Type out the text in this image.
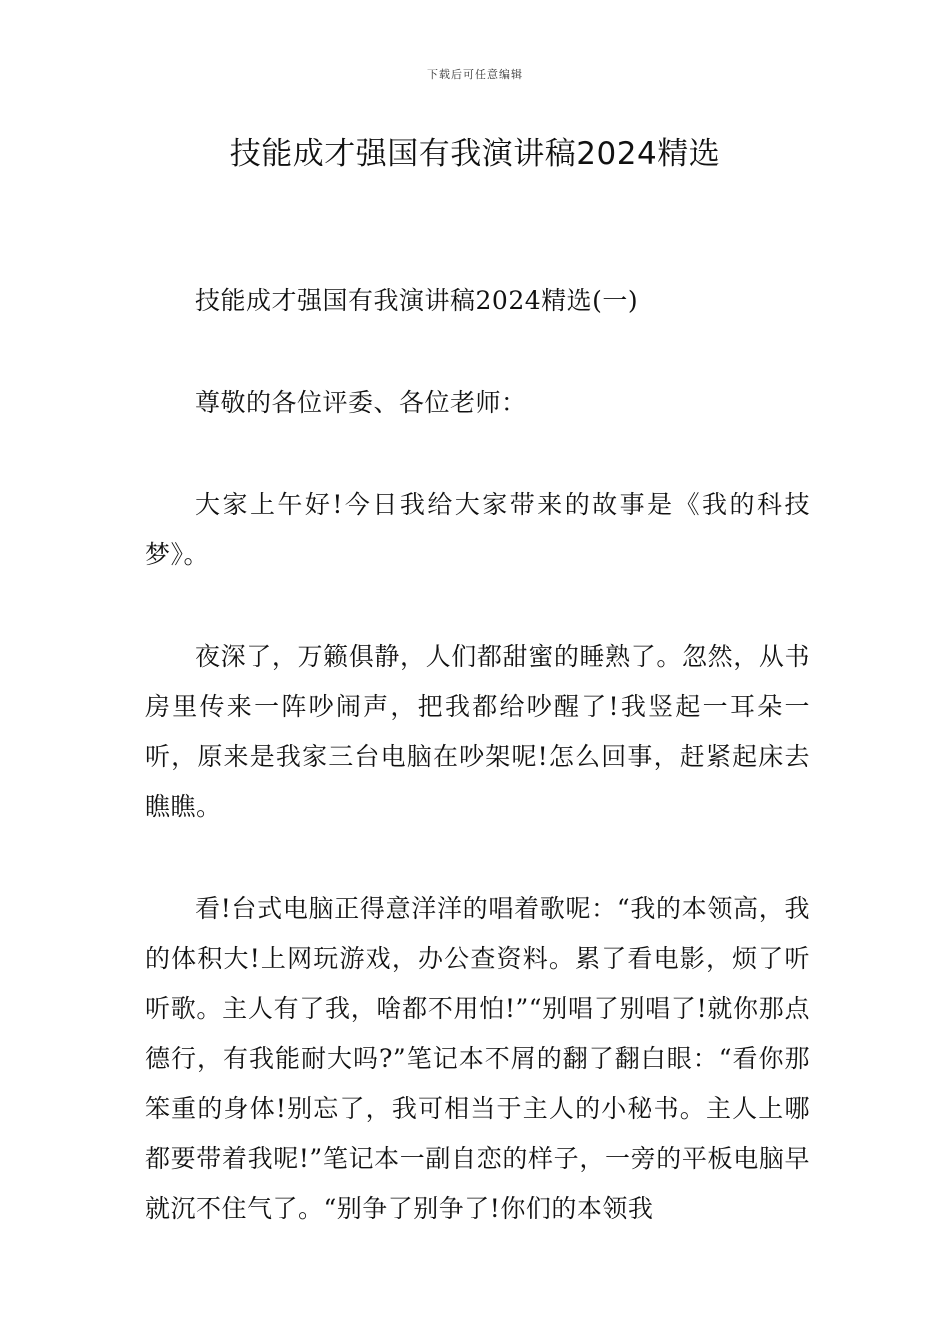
下载后可任意编辑
技能成才强国有我演讲稿2024精选

技能成才强国有我演讲稿2024精选(一)

尊敬的各位评委、各位老师：

大家上午好!今日我给大家带来的故事是《我的科技梦》。

夜深了，万籁俱静，人们都甜蜜的睡熟了。忽然，从书房里传来一阵吵闹声，把我都给吵醒了!我竖起一耳朵一听，原来是我家三台电脑在吵架呢!怎么回事，赶紧起床去瞧瞧。

看!台式电脑正得意洋洋的唱着歌呢：“我的本领高，我的体积大!上网玩游戏，办公查资料。累了看电影，烦了听听歌。主人有了我，啥都不用怕!”“别唱了别唱了!就你那点德行，有我能耐大吗?”笔记本不屑的翻了翻白眼：“看你那笨重的身体!别忘了，我可相当于主人的小秘书。主人上哪都要带着我呢!”笔记本一副自恋的样子，一旁的平板电脑早就沉不住气了。“别争了别争了!你们的本领我
